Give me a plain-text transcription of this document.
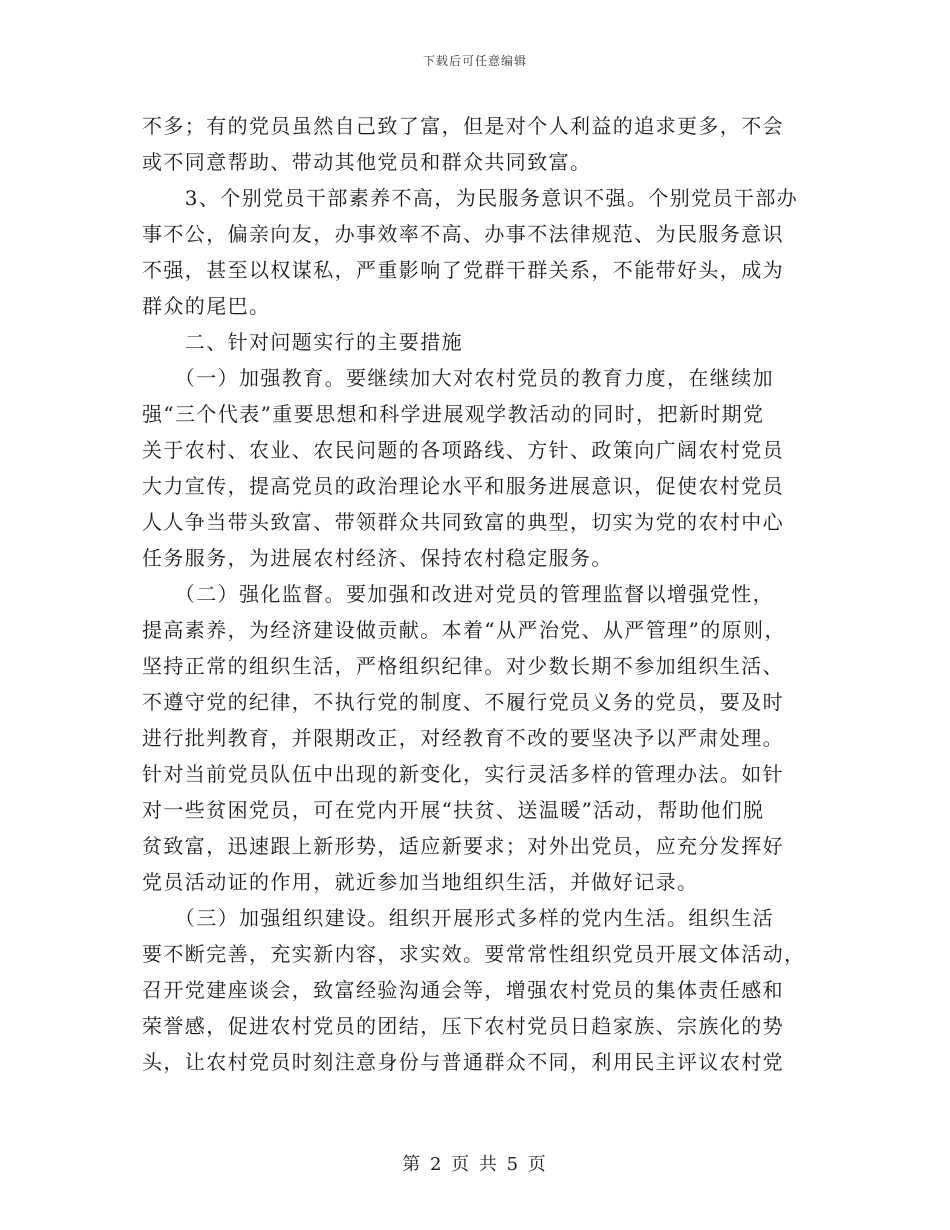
下载后可任意编辑
不多；有的党员虽然自己致了富，但是对个人利益的追求更多，不会
或不同意帮助、带动其他党员和群众共同致富。
　　3、个别党员干部素养不高，为民服务意识不强。个别党员干部办
事不公，偏亲向友，办事效率不高、办事不法律规范、为民服务意识
不强，甚至以权谋私，严重影响了党群干群关系，不能带好头，成为
群众的尾巴。
　　二、针对问题实行的主要措施
　　（一）加强教育。要继续加大对农村党员的教育力度，在继续加
强“三个代表”重要思想和科学进展观学教活动的同时，把新时期党
关于农村、农业、农民问题的各项路线、方针、政策向广阔农村党员
大力宣传，提高党员的政治理论水平和服务进展意识，促使农村党员
人人争当带头致富、带领群众共同致富的典型，切实为党的农村中心
任务服务，为进展农村经济、保持农村稳定服务。
　　（二）强化监督。要加强和改进对党员的管理监督以增强党性，
提高素养，为经济建设做贡献。本着“从严治党、从严管理”的原则，
坚持正常的组织生活，严格组织纪律。对少数长期不参加组织生活、
不遵守党的纪律，不执行党的制度、不履行党员义务的党员，要及时
进行批判教育，并限期改正，对经教育不改的要坚决予以严肃处理。
针对当前党员队伍中出现的新变化，实行灵活多样的管理办法。如针
对一些贫困党员，可在党内开展“扶贫、送温暖”活动，帮助他们脱
贫致富，迅速跟上新形势，适应新要求；对外出党员，应充分发挥好
党员活动证的作用，就近参加当地组织生活，并做好记录。
　　（三）加强组织建设。组织开展形式多样的党内生活。组织生活
要不断完善，充实新内容，求实效。要常常性组织党员开展文体活动，
召开党建座谈会，致富经验沟通会等，增强农村党员的集体责任感和
荣誉感，促进农村党员的团结，压下农村党员日趋家族、宗族化的势
头，让农村党员时刻注意身份与普通群众不同，利用民主评议农村党
第 2 页 共 5 页
